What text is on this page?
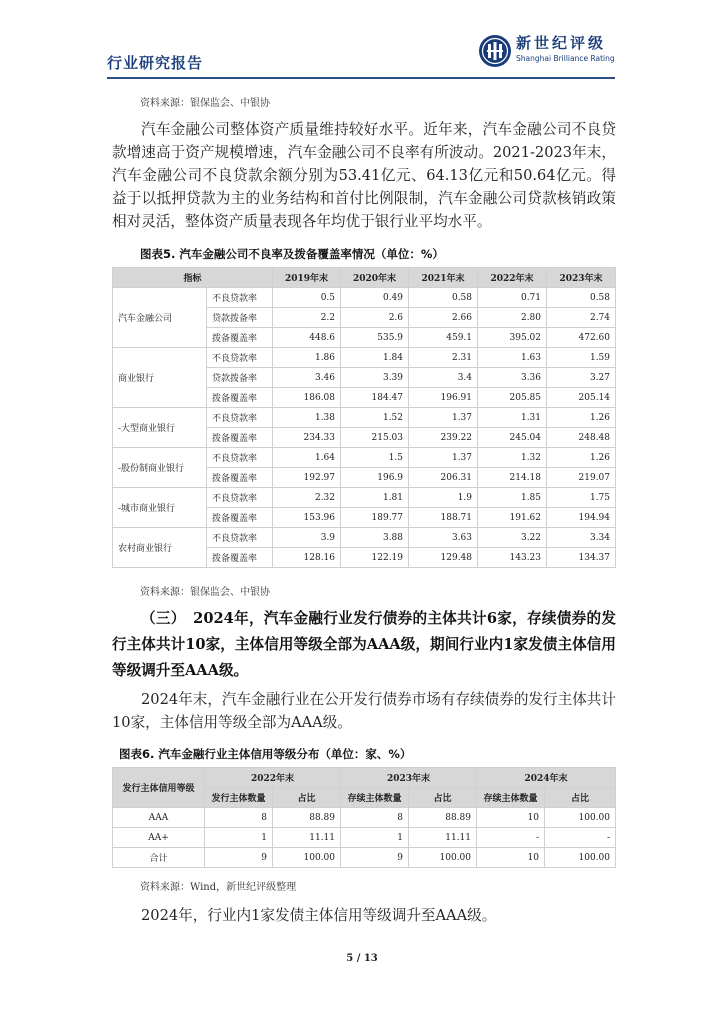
行业研究报告
新世纪评级
Shanghai Brilliance Rating
资料来源：银保监会、中银协
汽车金融公司整体资产质量维持较好水平。近年来，汽车金融公司不良贷款增速高于资产规模增速，汽车金融公司不良率有所波动。2021-2023年末，汽车金融公司不良贷款余额分别为53.41亿元、64.13亿元和50.64亿元。得益于以抵押贷款为主的业务结构和首付比例限制，汽车金融公司贷款核销政策相对灵活，整体资产质量表现各年均优于银行业平均水平。
图表5. 汽车金融公司不良率及拨备覆盖率情况（单位：%）
指标		2019年末	2020年末	2021年末	2022年末	2023年末
汽车金融公司	不良贷款率	0.5	0.49	0.58	0.71	0.58
	贷款拨备率	2.2	2.6	2.66	2.80	2.74
	拨备覆盖率	448.6	535.9	459.1	395.02	472.60
商业银行	不良贷款率	1.86	1.84	2.31	1.63	1.59
	贷款拨备率	3.46	3.39	3.4	3.36	3.27
	拨备覆盖率	186.08	184.47	196.91	205.85	205.14
-大型商业银行	不良贷款率	1.38	1.52	1.37	1.31	1.26
	拨备覆盖率	234.33	215.03	239.22	245.04	248.48
-股份制商业银行	不良贷款率	1.64	1.5	1.37	1.32	1.26
	拨备覆盖率	192.97	196.9	206.31	214.18	219.07
-城市商业银行	不良贷款率	2.32	1.81	1.9	1.85	1.75
	拨备覆盖率	153.96	189.77	188.71	191.62	194.94
农村商业银行	不良贷款率	3.9	3.88	3.63	3.22	3.34
	拨备覆盖率	128.16	122.19	129.48	143.23	134.37
资料来源：银保监会、中银协
（三）　2024年，汽车金融行业发行债券的主体共计6家，存续债券的发行主体共计10家，主体信用等级全部为AAA级，期间行业内1家发债主体信用等级调升至AAA级。
2024年末，汽车金融行业在公开发行债券市场有存续债券的发行主体共计10家，主体信用等级全部为AAA级。
图表6. 汽车金融行业主体信用等级分布（单位：家、%）
发行主体信用等级	2022年末		2023年末		2024年末	
	发行主体数量	占比	存续主体数量	占比	存续主体数量	占比
AAA	8	88.89	8	88.89	10	100.00
AA+	1	11.11	1	11.11	-	-
合计	9	100.00	9	100.00	10	100.00
资料来源：Wind，新世纪评级整理
2024年，行业内1家发债主体信用等级调升至AAA级。
5 / 13
